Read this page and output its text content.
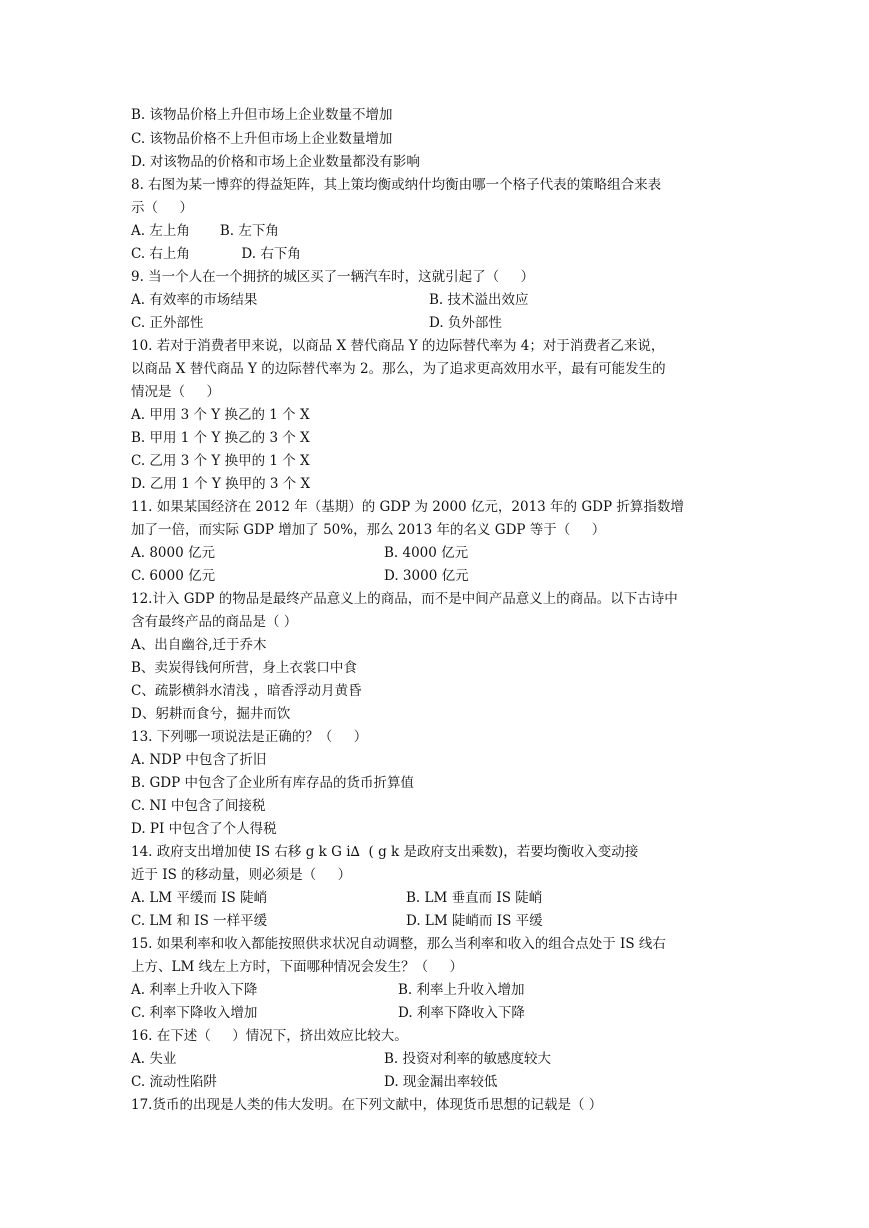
B. 该物品价格上升但市场上企业数量不增加
C. 该物品价格不上升但市场上企业数量增加
D. 对该物品的价格和市场上企业数量都没有影响
8. 右图为某一博弈的得益矩阵，其上策均衡或纳什均衡由哪一个格子代表的策略组合来表
示（     ）
A. 左上角       B. 左下角
C. 右上角            D. 右下角
9. 当一个人在一个拥挤的城区买了一辆汽车时，这就引起了（     ）
A. 有效率的市场结果	B. 技术溢出效应
C. 正外部性	D. 负外部性
10. 若对于消费者甲来说，以商品 X 替代商品 Y 的边际替代率为 4；对于消费者乙来说，
以商品 X 替代商品 Y 的边际替代率为 2。那么，为了追求更高效用水平，最有可能发生的
情况是（     ）
A. 甲用 3 个 Y 换乙的 1 个 X
B. 甲用 1 个 Y 换乙的 3 个 X
C. 乙用 3 个 Y 换甲的 1 个 X
D. 乙用 1 个 Y 换甲的 3 个 X
11. 如果某国经济在 2012 年（基期）的 GDP 为 2000 亿元，2013 年的 GDP 折算指数增
加了一倍，而实际 GDP 增加了 50%，那么 2013 年的名义 GDP 等于（     ）
A. 8000 亿元	B. 4000 亿元
C. 6000 亿元	D. 3000 亿元
12.计入 GDP 的物品是最终产品意义上的商品，而不是中间产品意义上的商品。以下古诗中
含有最终产品的商品是（ ）
A、出自幽谷,迁于乔木
B、卖炭得钱何所营，身上衣裳口中食
C、疏影横斜水清浅 ，暗香浮动月黄昏
D、躬耕而食兮，掘井而饮
13. 下列哪一项说法是正确的？（     ）
A. NDP 中包含了折旧
B. GDP 中包含了企业所有库存品的货币折算值
C. NI 中包含了间接税
D. PI 中包含了个人得税
14. 政府支出增加使 IS 右移 g k G i∆  ( g k 是政府支出乘数)，若要均衡收入变动接
近于 IS 的移动量，则必须是（     ）
A. LM 平缓而 IS 陡峭	B. LM 垂直而 IS 陡峭
C. LM 和 IS 一样平缓	D. LM 陡峭而 IS 平缓
15. 如果利率和收入都能按照供求状况自动调整，那么当利率和收入的组合点处于 IS 线右
上方、LM 线左上方时，下面哪种情况会发生？（     ）
A. 利率上升收入下降	B. 利率上升收入增加
C. 利率下降收入增加	D. 利率下降收入下降
16. 在下述（     ）情况下，挤出效应比较大。
A. 失业	B. 投资对利率的敏感度较大
C. 流动性陷阱	D. 现金漏出率较低
17.货币的出现是人类的伟大发明。在下列文献中，体现货币思想的记载是（ ）
